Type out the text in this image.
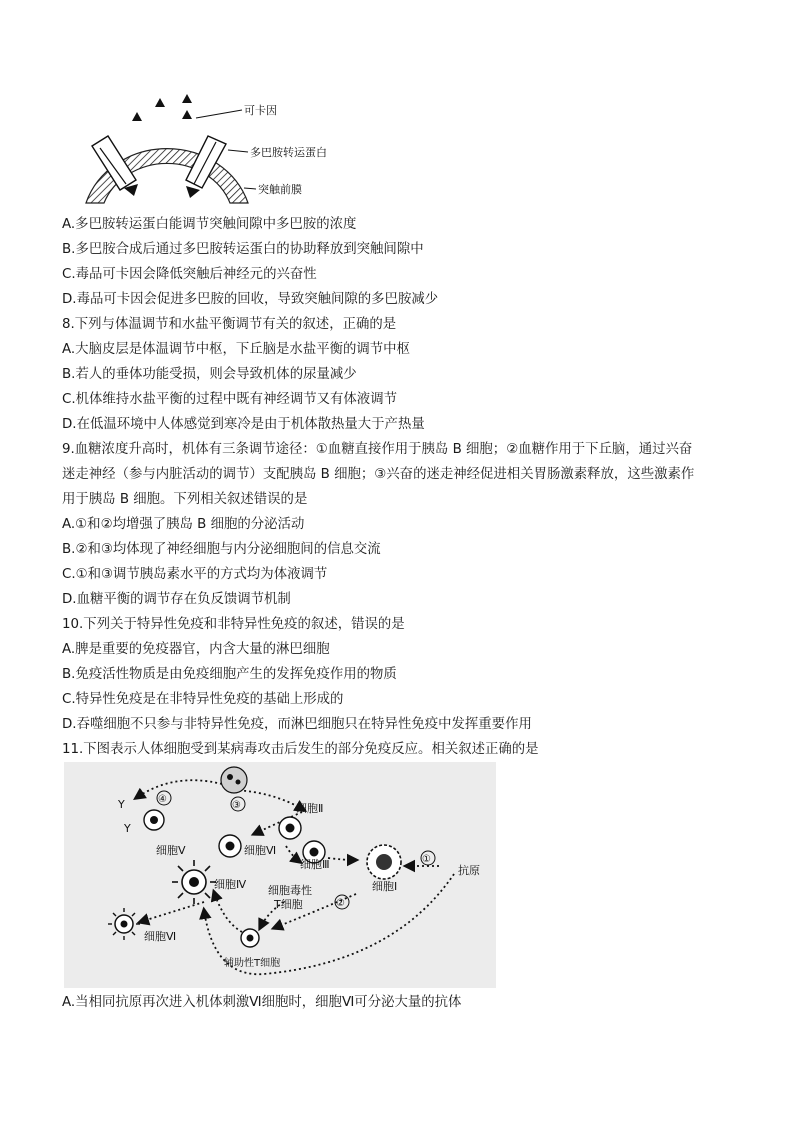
可卡因
多巴胺转运蛋白
突触前膜
A.多巴胺转运蛋白能调节突触间隙中多巴胺的浓度
B.多巴胺合成后通过多巴胺转运蛋白的协助释放到突触间隙中
C.毒品可卡因会降低突触后神经元的兴奋性
D.毒品可卡因会促进多巴胺的回收，导致突触间隙的多巴胺减少
8.下列与体温调节和水盐平衡调节有关的叙述，正确的是
A.大脑皮层是体温调节中枢，下丘脑是水盐平衡的调节中枢
B.若人的垂体功能受损，则会导致机体的尿量减少
C.机体维持水盐平衡的过程中既有神经调节又有体液调节
D.在低温环境中人体感觉到寒冷是由于机体散热量大于产热量
9.血糖浓度升高时，机体有三条调节途径：①血糖直接作用于胰岛 B 细胞；②血糖作用于下丘脑，通过兴奋
迷走神经（参与内脏活动的调节）支配胰岛 B 细胞；③兴奋的迷走神经促进相关胃肠激素释放，这些激素作
用于胰岛 B 细胞。下列相关叙述错误的是
A.①和②均增强了胰岛 B 细胞的分泌活动
B.②和③均体现了神经细胞与内分泌细胞间的信息交流
C.①和③调节胰岛素水平的方式均为体液调节
D.血糖平衡的调节存在负反馈调节机制
10.下列关于特异性免疫和非特异性免疫的叙述，错误的是
A.脾是重要的免疫器官，内含大量的淋巴细胞
B.免疫活性物质是由免疫细胞产生的发挥免疫作用的物质
C.特异性免疫是在非特异性免疫的基础上形成的
D.吞噬细胞不只参与非特异性免疫，而淋巴细胞只在特异性免疫中发挥重要作用
11.下图表示人体细胞受到某病毒攻击后发生的部分免疫反应。相关叙述正确的是
A.当相同抗原再次进入机体刺激Ⅵ细胞时，细胞Ⅵ可分泌大量的抗体
Y
Y
细胞Ⅴ
细胞Ⅱ
细胞Ⅵ
细胞Ⅲ
细胞Ⅰ
抗原
细胞Ⅳ 细胞毒性
T细胞
细胞Ⅵ
辅助性T细胞
①
②
③
④
